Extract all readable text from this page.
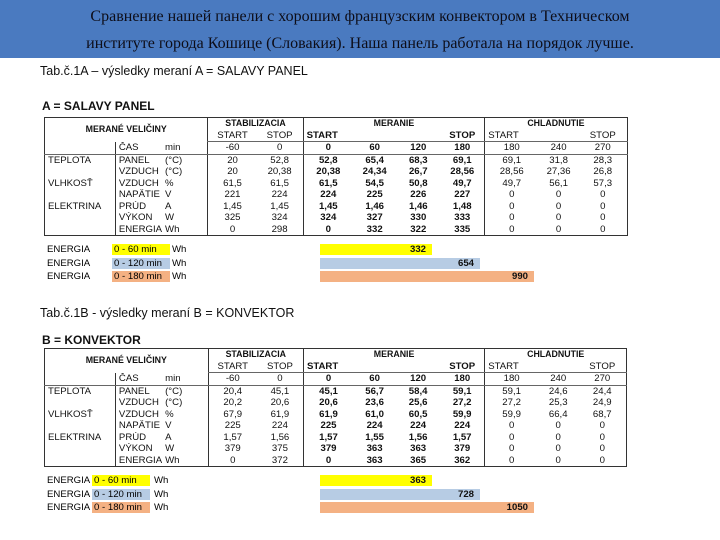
Сравнение нашей панели с хорошим французским конвектором в Техническом
институте города Кошице (Словакия). Наша панель работала на порядок лучше.
Tab.č.1A – výsledky meraní A = SALAVY PANEL
A = SALAVY PANEL
MERANÉ VELIČINY			STABILIZACIA		MERANIE				CHLADNUTIE		
			START	STOP	START			STOP	START		STOP
	ČAS	min	-60	0	0	60	120	180	180	240	270
TEPLOTA	PANEL	(°C)	20	52,8	52,8	65,4	68,3	69,1	69,1	31,8	28,3
	VZDUCH	(°C)	20	20,38	20,38	24,34	26,7	28,56	28,56	27,36	26,8
VLHKOSŤ	VZDUCH	%	61,5	61,5	61,5	54,5	50,8	49,7	49,7	56,1	57,3
	NAPÄTIE	V	221	224	224	225	226	227	0	0	0
ELEKTRINA	PRÚD	A	1,45	1,45	1,45	1,46	1,46	1,48	0	0	0
	VÝKON	W	325	324	324	327	330	333	0	0	0
	ENERGIA	Wh	0	298	0	332	322	335	0	0	0
ENERGIA 0 - 60 min	Wh	332
ENERGIA 0 - 120 min	Wh	654
ENERGIA 0 - 180 min	Wh	990
Tab.č.1B - výsledky meraní B = KONVEKTOR
B = KONVEKTOR
MERANÉ VELIČINY			STABILIZACIA		MERANIE				CHLADNUTIE		
			START	STOP	START			STOP	START		STOP
	ČAS	min	-60	0	0	60	120	180	180	240	270
TEPLOTA	PANEL	(°C)	20,4	45,1	45,1	56,7	58,4	59,1	59,1	24,6	24,4
	VZDUCH	(°C)	20,2	20,6	20,6	23,6	25,6	27,2	27,2	25,3	24,9
VLHKOSŤ	VZDUCH	%	67,9	61,9	61,9	61,0	60,5	59,9	59,9	66,4	68,7
	NAPÄTIE	V	225	224	225	224	224	224	0	0	0
ELEKTRINA	PRÚD	A	1,57	1,56	1,57	1,55	1,56	1,57	0	0	0
	VÝKON	W	379	375	379	363	363	379	0	0	0
	ENERGIA	Wh	0	372	0	363	365	362	0	0	0
ENERGIA 0 - 60 min	Wh	363
ENERGIA 0 - 120 min	Wh	728
ENERGIA 0 - 180 min	Wh	1050
